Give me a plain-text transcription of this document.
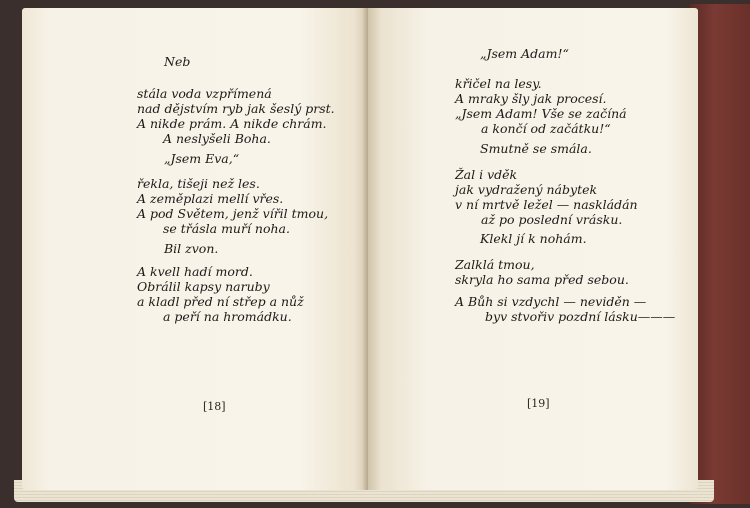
Neb
stála voda vzpřímená
nad dějstvím ryb jak šeslý prst.
A nikde prám. A nikde chrám.
A neslyšeli Boha.
„Jsem Eva,“
řekla, tišeji než les.
A zeměplazi mellí vřes.
A pod Světem, jenž vířil tmou,
se třásla muří noha.
Bil zvon.
A kvell hadí mord.
Obrálil kapsy naruby
a kladl před ní střep a nůž
a peří na hromádku.
[18]
„Jsem Adam!“
křičel na lesy.
A mraky šly jak procesí.
„Jsem Adam! Vše se začíná
a končí od začátku!“
Smutně se smála.
Žal i vděk
jak vydražený nábytek
v ní mrtvě ležel — naskládán
až po poslední vrásku.
Klekl jí k nohám.
Zalklá tmou,
skryla ho sama před sebou.
A Bůh si vzdychl — neviděn —
byv stvořiv pozdní lásku———
[19]
